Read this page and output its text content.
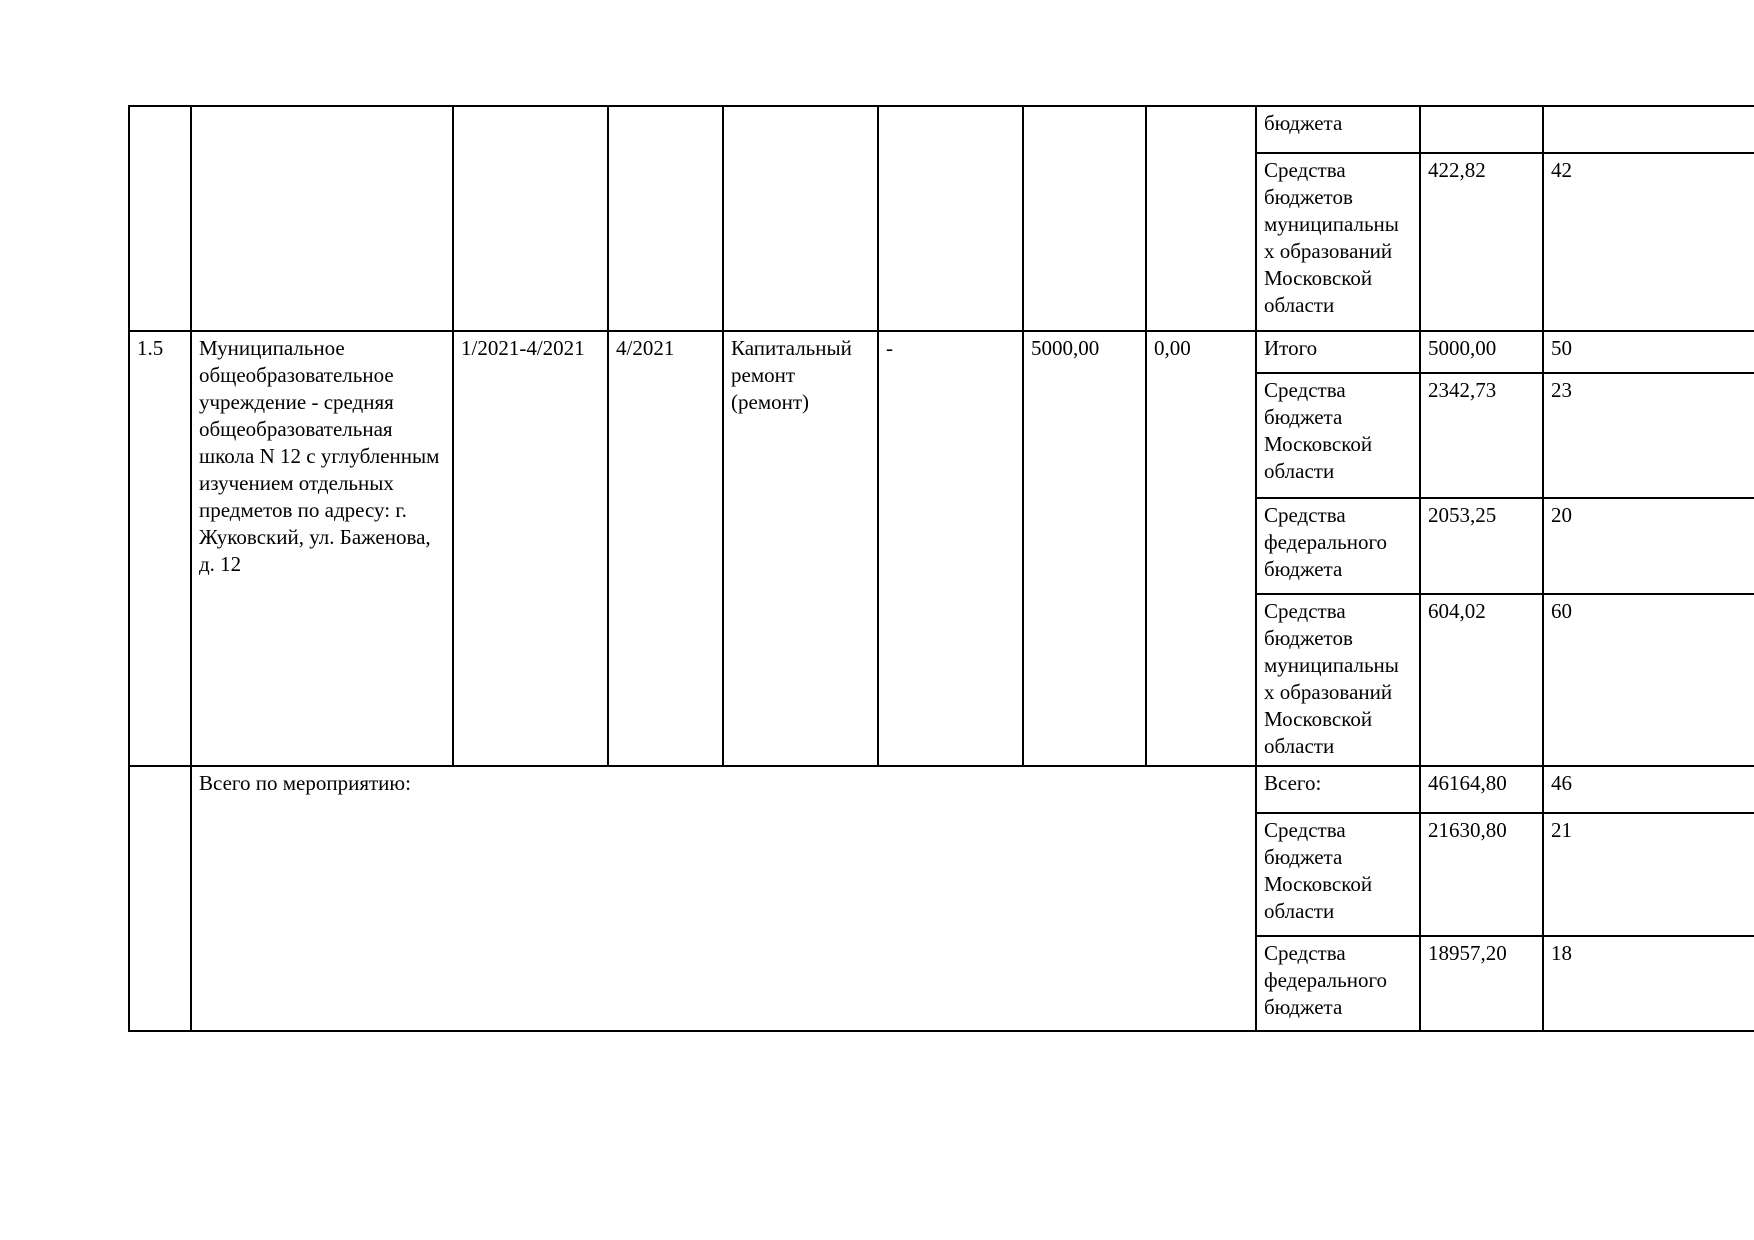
								бюджета		
								Средства бюджетов муниципальны х образований Московской области	422,82	42
1.5	Муниципальное общеобразовательное учреждение - средняя общеобразовательная школа N 12 с углубленным изучением отдельных предметов по адресу: г. Жуковский, ул. Баженова, д. 12	1/2021-4/2021	4/2021	Капитальный ремонт (ремонт)	-	5000,00	0,00	Итого	5000,00	50
								Средства бюджета Московской области	2342,73	23
								Средства федерального бюджета	2053,25	20
								Средства бюджетов муниципальны х образований Московской области	604,02	60
	Всего по мероприятию:							Всего:	46164,80	46
								Средства бюджета Московской области	21630,80	21
								Средства федерального бюджета	18957,20	18
